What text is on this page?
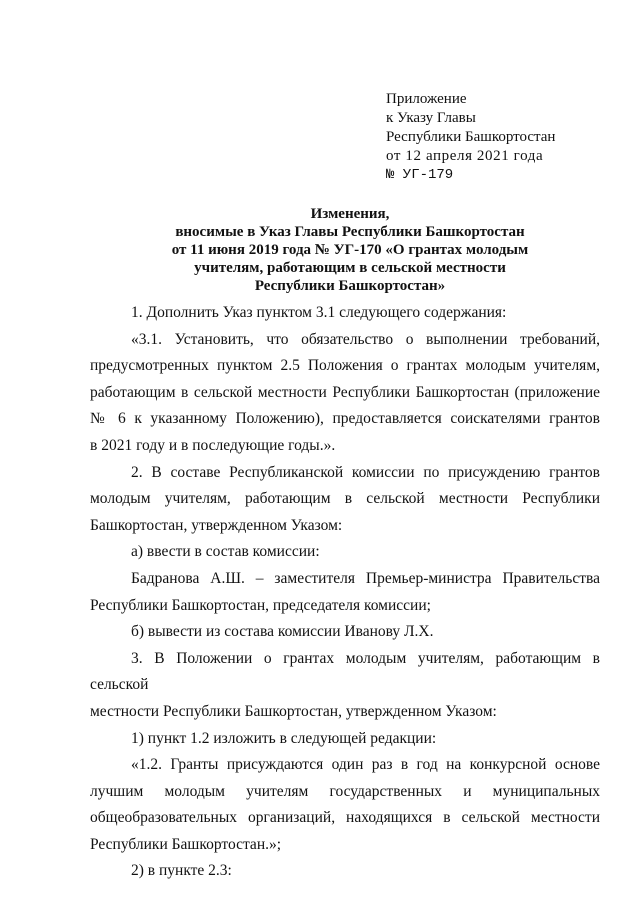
Приложение
к Указу Главы
Республики Башкортостан
от 12 апреля 2021 года
№ УГ-179
Изменения,
вносимые в Указ Главы Республики Башкортостан
от 11 июня 2019 года № УГ-170 «О грантах молодым
учителям, работающим в сельской местности
Республики Башкортостан»

1. Дополнить Указ пунктом 3.1 следующего содержания:

«3.1. Установить, что обязательство о выполнении требований,

предусмотренных пунктом 2.5 Положения о грантах молодым учителям,

работающим в сельской местности Республики Башкортостан (приложение

№ 6 к указанному Положению), предоставляется соискателями грантов

в 2021 году и в последующие годы.».

2. В составе Республиканской комиссии по присуждению грантов

молодым учителям, работающим в сельской местности Республики

Башкортостан, утвержденном Указом:

а) ввести в состав комиссии:

Бадранова А.Ш. – заместителя Премьер-министра Правительства

Республики Башкортостан, председателя комиссии;

б) вывести из состава комиссии Иванову Л.Х.

3. В Положении о грантах молодым учителям, работающим в сельской

местности Республики Башкортостан, утвержденном Указом:

1) пункт 1.2 изложить в следующей редакции:

«1.2. Гранты присуждаются один раз в год на конкурсной основе

лучшим молодым учителям государственных и муниципальных

общеобразовательных организаций, находящихся в сельской местности

Республики Башкортостан.»;

2) в пункте 2.3:
